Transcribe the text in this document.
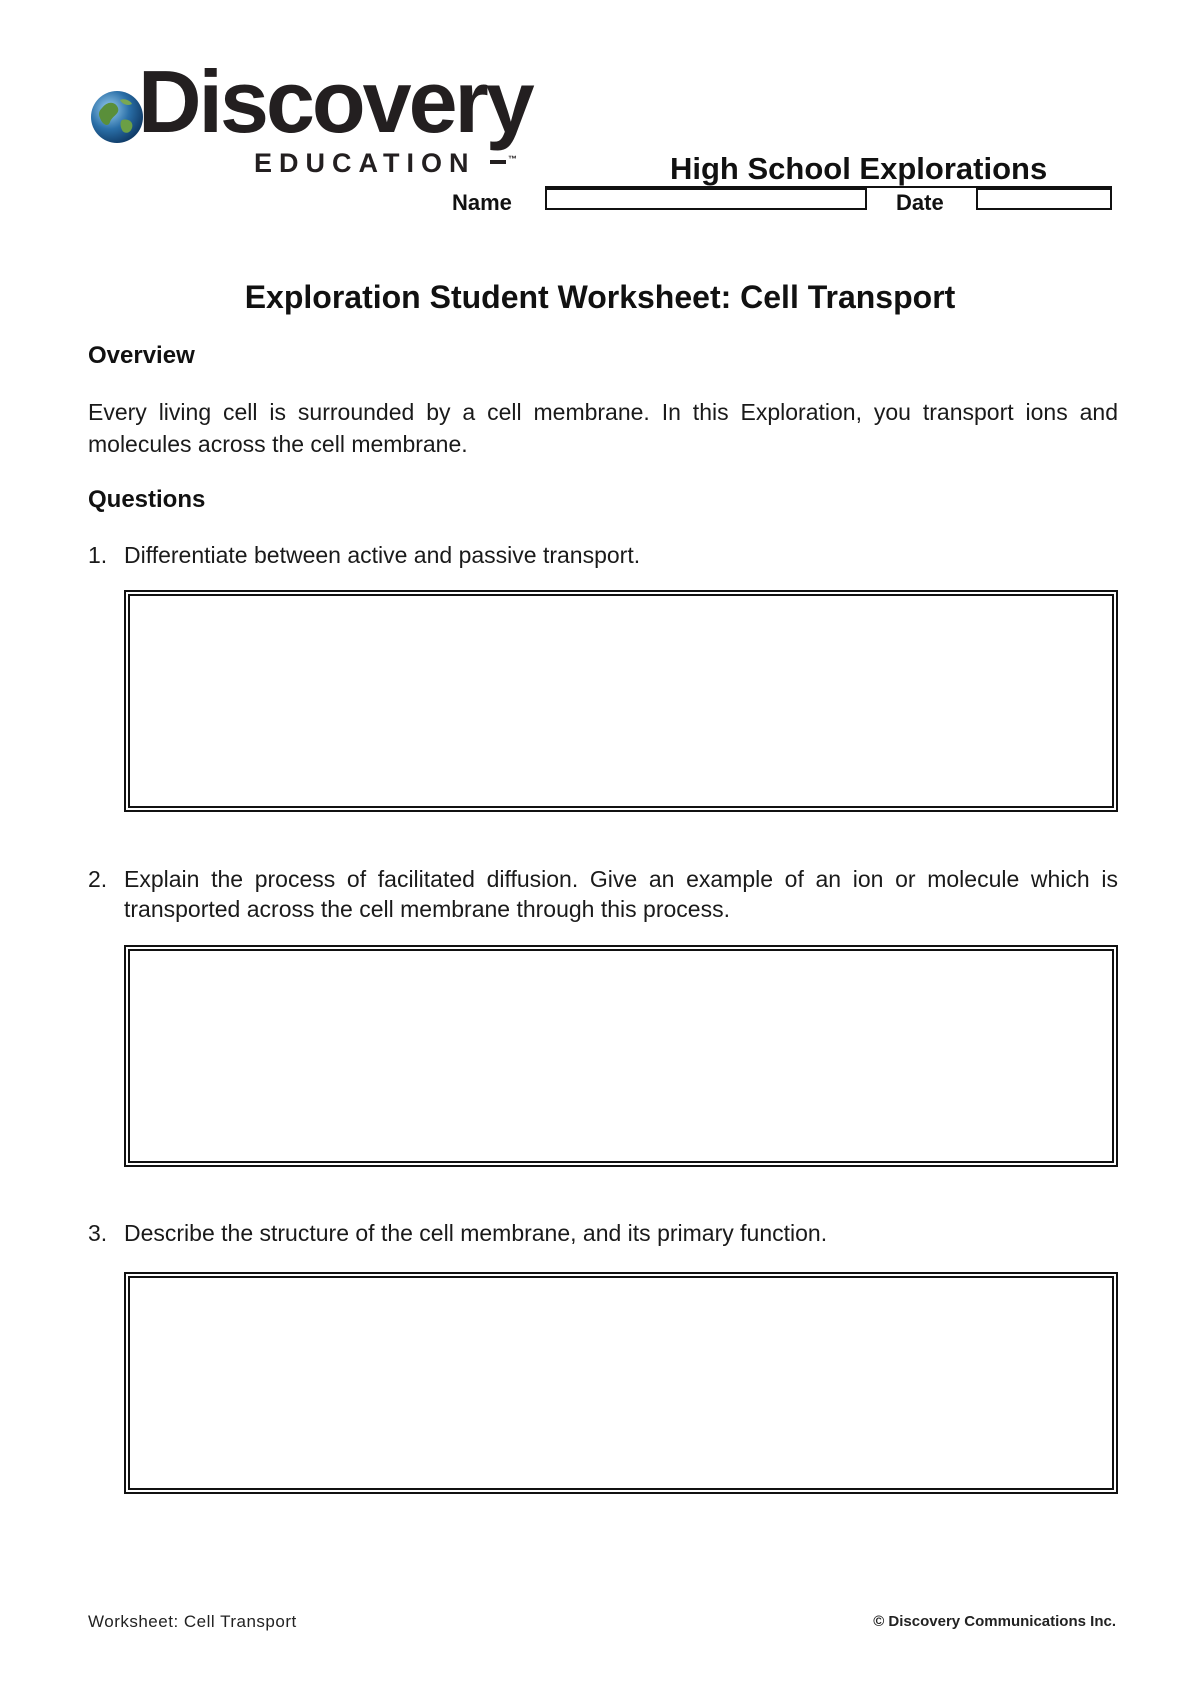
Discovery
EDUCATION	™	High School Explorations
Name	Date
Exploration Student Worksheet: Cell Transport
Overview
Every living cell is surrounded by a cell membrane. In this Exploration, you transport ions and molecules across the cell membrane.
Questions
1. Differentiate between active and passive transport.
2. Explain the process of facilitated diffusion. Give an example of an ion or molecule which is transported across the cell membrane through this process.
3. Describe the structure of the cell membrane, and its primary function.
Worksheet: Cell Transport	© Discovery Communications Inc.
